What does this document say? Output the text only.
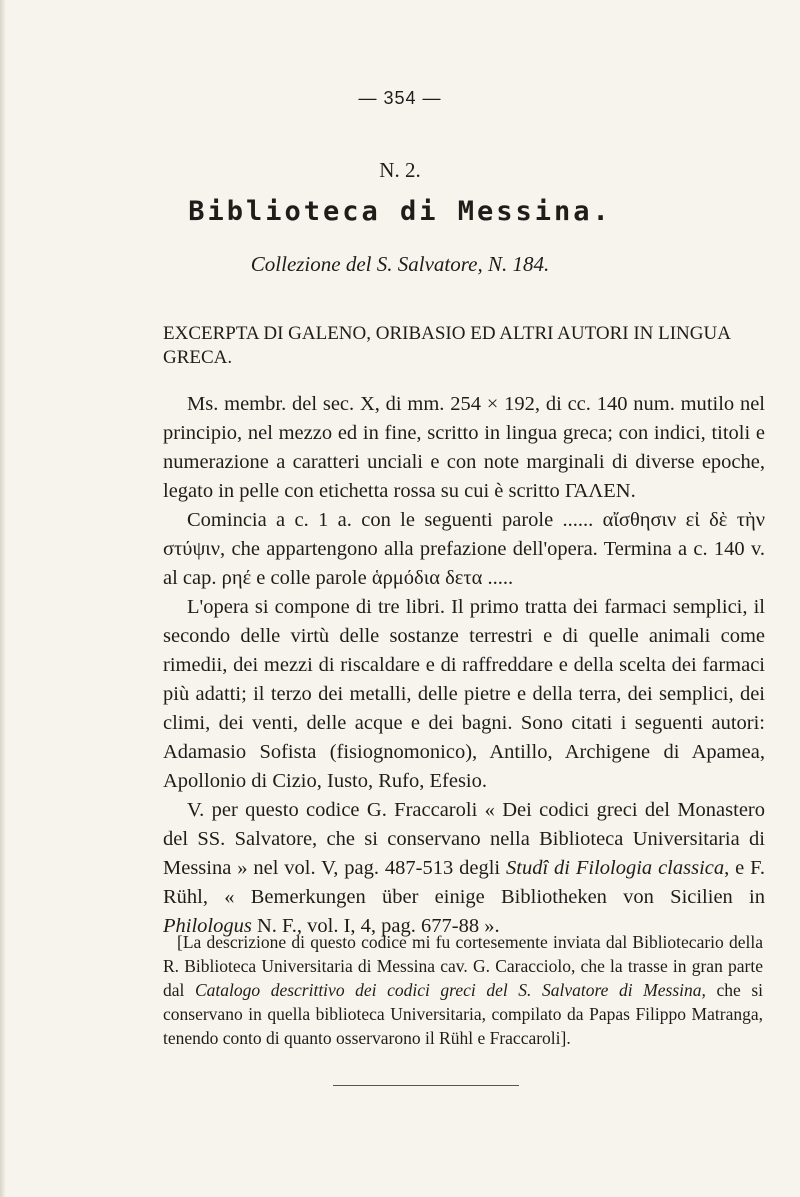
— 354 —
N. 2.
Biblioteca di Messina.
Collezione del S. Salvatore, N. 184.

EXCERPTA DI GALENO, ORIBASIO ED ALTRI AUTORI IN LINGUA GRECA.

Ms. membr. del sec. X, di mm. 254 × 192, di cc. 140 num. mutilo nel principio, nel mezzo ed in fine, scritto in lingua greca; con indici, titoli e numerazione a caratteri unciali e con note marginali di diverse epoche, legato in pelle con etichetta rossa su cui è scritto ΓΑΛΕΝ.

Comincia a c. 1 a. con le seguenti parole ...... αἴσθησιν εἰ δὲ τὴν στύψιν, che appartengono alla prefazione dell'opera. Termina a c. 140 v. al cap. ρηέ e colle parole ἁρμόδια δετα .....

L'opera si compone di tre libri. Il primo tratta dei farmaci semplici, il secondo delle virtù delle sostanze terrestri e di quelle animali come rimedii, dei mezzi di riscaldare e di raffreddare e della scelta dei farmaci più adatti; il terzo dei metalli, delle pietre e della terra, dei semplici, dei climi, dei venti, delle acque e dei bagni. Sono citati i seguenti autori: Adamasio Sofista (fisiognomonico), Antillo, Archigene di Apamea, Apollonio di Cizio, Iusto, Rufo, Efesio.

V. per questo codice G. Fraccaroli « Dei codici greci del Monastero del SS. Salvatore, che si conservano nella Biblioteca Universitaria di Messina » nel vol. V, pag. 487-513 degli Studî di Filologia classica, e F. Rühl, « Bemerkungen über einige Bibliotheken von Sicilien in Philologus N. F., vol. I, 4, pag. 677-88 ».

[La descrizione di questo codice mi fu cortesemente inviata dal Bibliotecario della R. Biblioteca Universitaria di Messina cav. G. Caracciolo, che la trasse in gran parte dal Catalogo descrittivo dei codici greci del S. Salvatore di Messina, che si conservano in quella biblioteca Universitaria, compilato da Papas Filippo Matranga, tenendo conto di quanto osservarono il Rühl e Fraccaroli].
